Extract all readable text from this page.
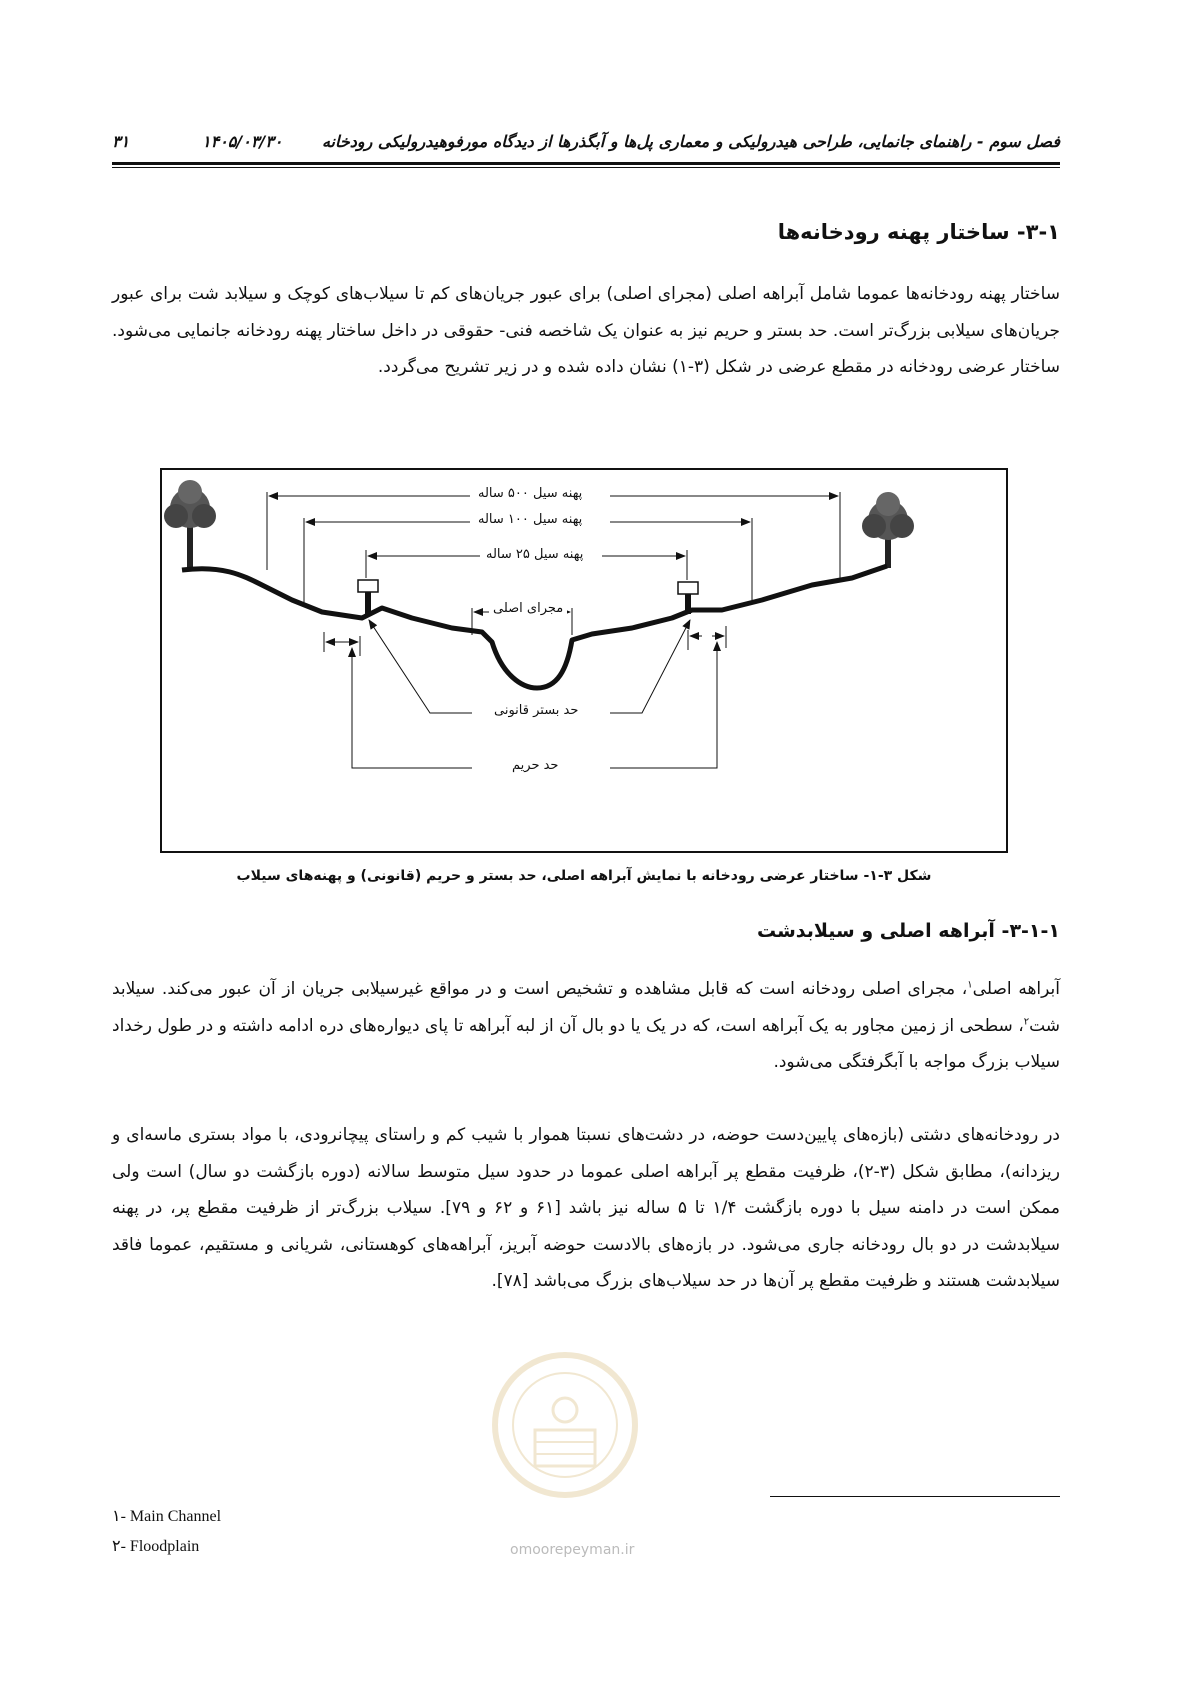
فصل سوم - راهنمای جانمایی، طراحی هیدرولیکی و معماری پل‌ها و آبگذرها از دیدگاه مورفوهیدرولیکی رودخانه
۱۴۰۵/۰۳/۳۰
۳۱
۳-۱- ساختار پهنه رودخانه‌ها
ساختار پهنه رودخانه‌ها عموما شامل آبراهه اصلی (مجرای اصلی) برای عبور جریان‌های کم تا سیلاب‌های کوچک و سیلابد شت برای عبور جریان‌های سیلابی بزرگ‌تر است. حد بستر و حریم نیز به عنوان یک شاخصه فنی- حقوقی در داخل ساختار پهنه رودخانه جانمایی می‌شود. ساختار عرضی رودخانه در مقطع عرضی در شکل (۳-۱) نشان داده شده و در زیر تشریح می‌گردد.
پهنه سیل ۵۰۰ ساله
پهنه سیل ۱۰۰ ساله
پهنه سیل ۲۵ ساله
مجرای اصلی
حد بستر قانونی
حد حریم
شکل ۳-۱- ساختار عرضی رودخانه با نمایش آبراهه اصلی، حد بستر و حریم (قانونی) و پهنه‌های سیلاب
۳-۱-۱- آبراهه اصلی و سیلابدشت
آبراهه اصلی$^۱$، مجرای اصلی رودخانه است که قابل مشاهده و تشخیص است و در مواقع غیرسیلابی جریان از آن عبور می‌کند. سیلابد شت$^۲$، سطحی از زمین مجاور به یک آبراهه است، که در یک یا دو بال آن از لبه آبراهه تا پای دیواره‌های دره ادامه داشته و در طول رخداد سیلاب بزرگ مواجه با آبگرفتگی می‌شود.
در رودخانه‌های دشتی (بازه‌های پایین‌دست حوضه، در دشت‌های نسبتا هموار با شیب کم و راستای پیچانرودی، با مواد بستری ماسه‌ای و ریزدانه)، مطابق شکل (۳-۲)، ظرفیت مقطع پر آبراهه اصلی عموما در حدود سیل متوسط سالانه (دوره بازگشت دو سال) است ولی ممکن است در دامنه سیل با دوره بازگشت ۱/۴ تا ۵ ساله نیز باشد [۶۱ و ۶۲ و ۷۹]. سیلاب بزرگ‌تر از ظرفیت مقطع پر، در پهنه سیلابدشت در دو بال رودخانه جاری می‌شود. در بازه‌های بالادست حوضه آبریز، آبراهه‌های کوهستانی، شریانی و مستقیم، عموما فاقد سیلابدشت هستند و ظرفیت مقطع پر آن‌ها در حد سیلاب‌های بزرگ می‌باشد [۷۸].
omoorepeyman.ir
۱- Main Channel
۲- Floodplain
